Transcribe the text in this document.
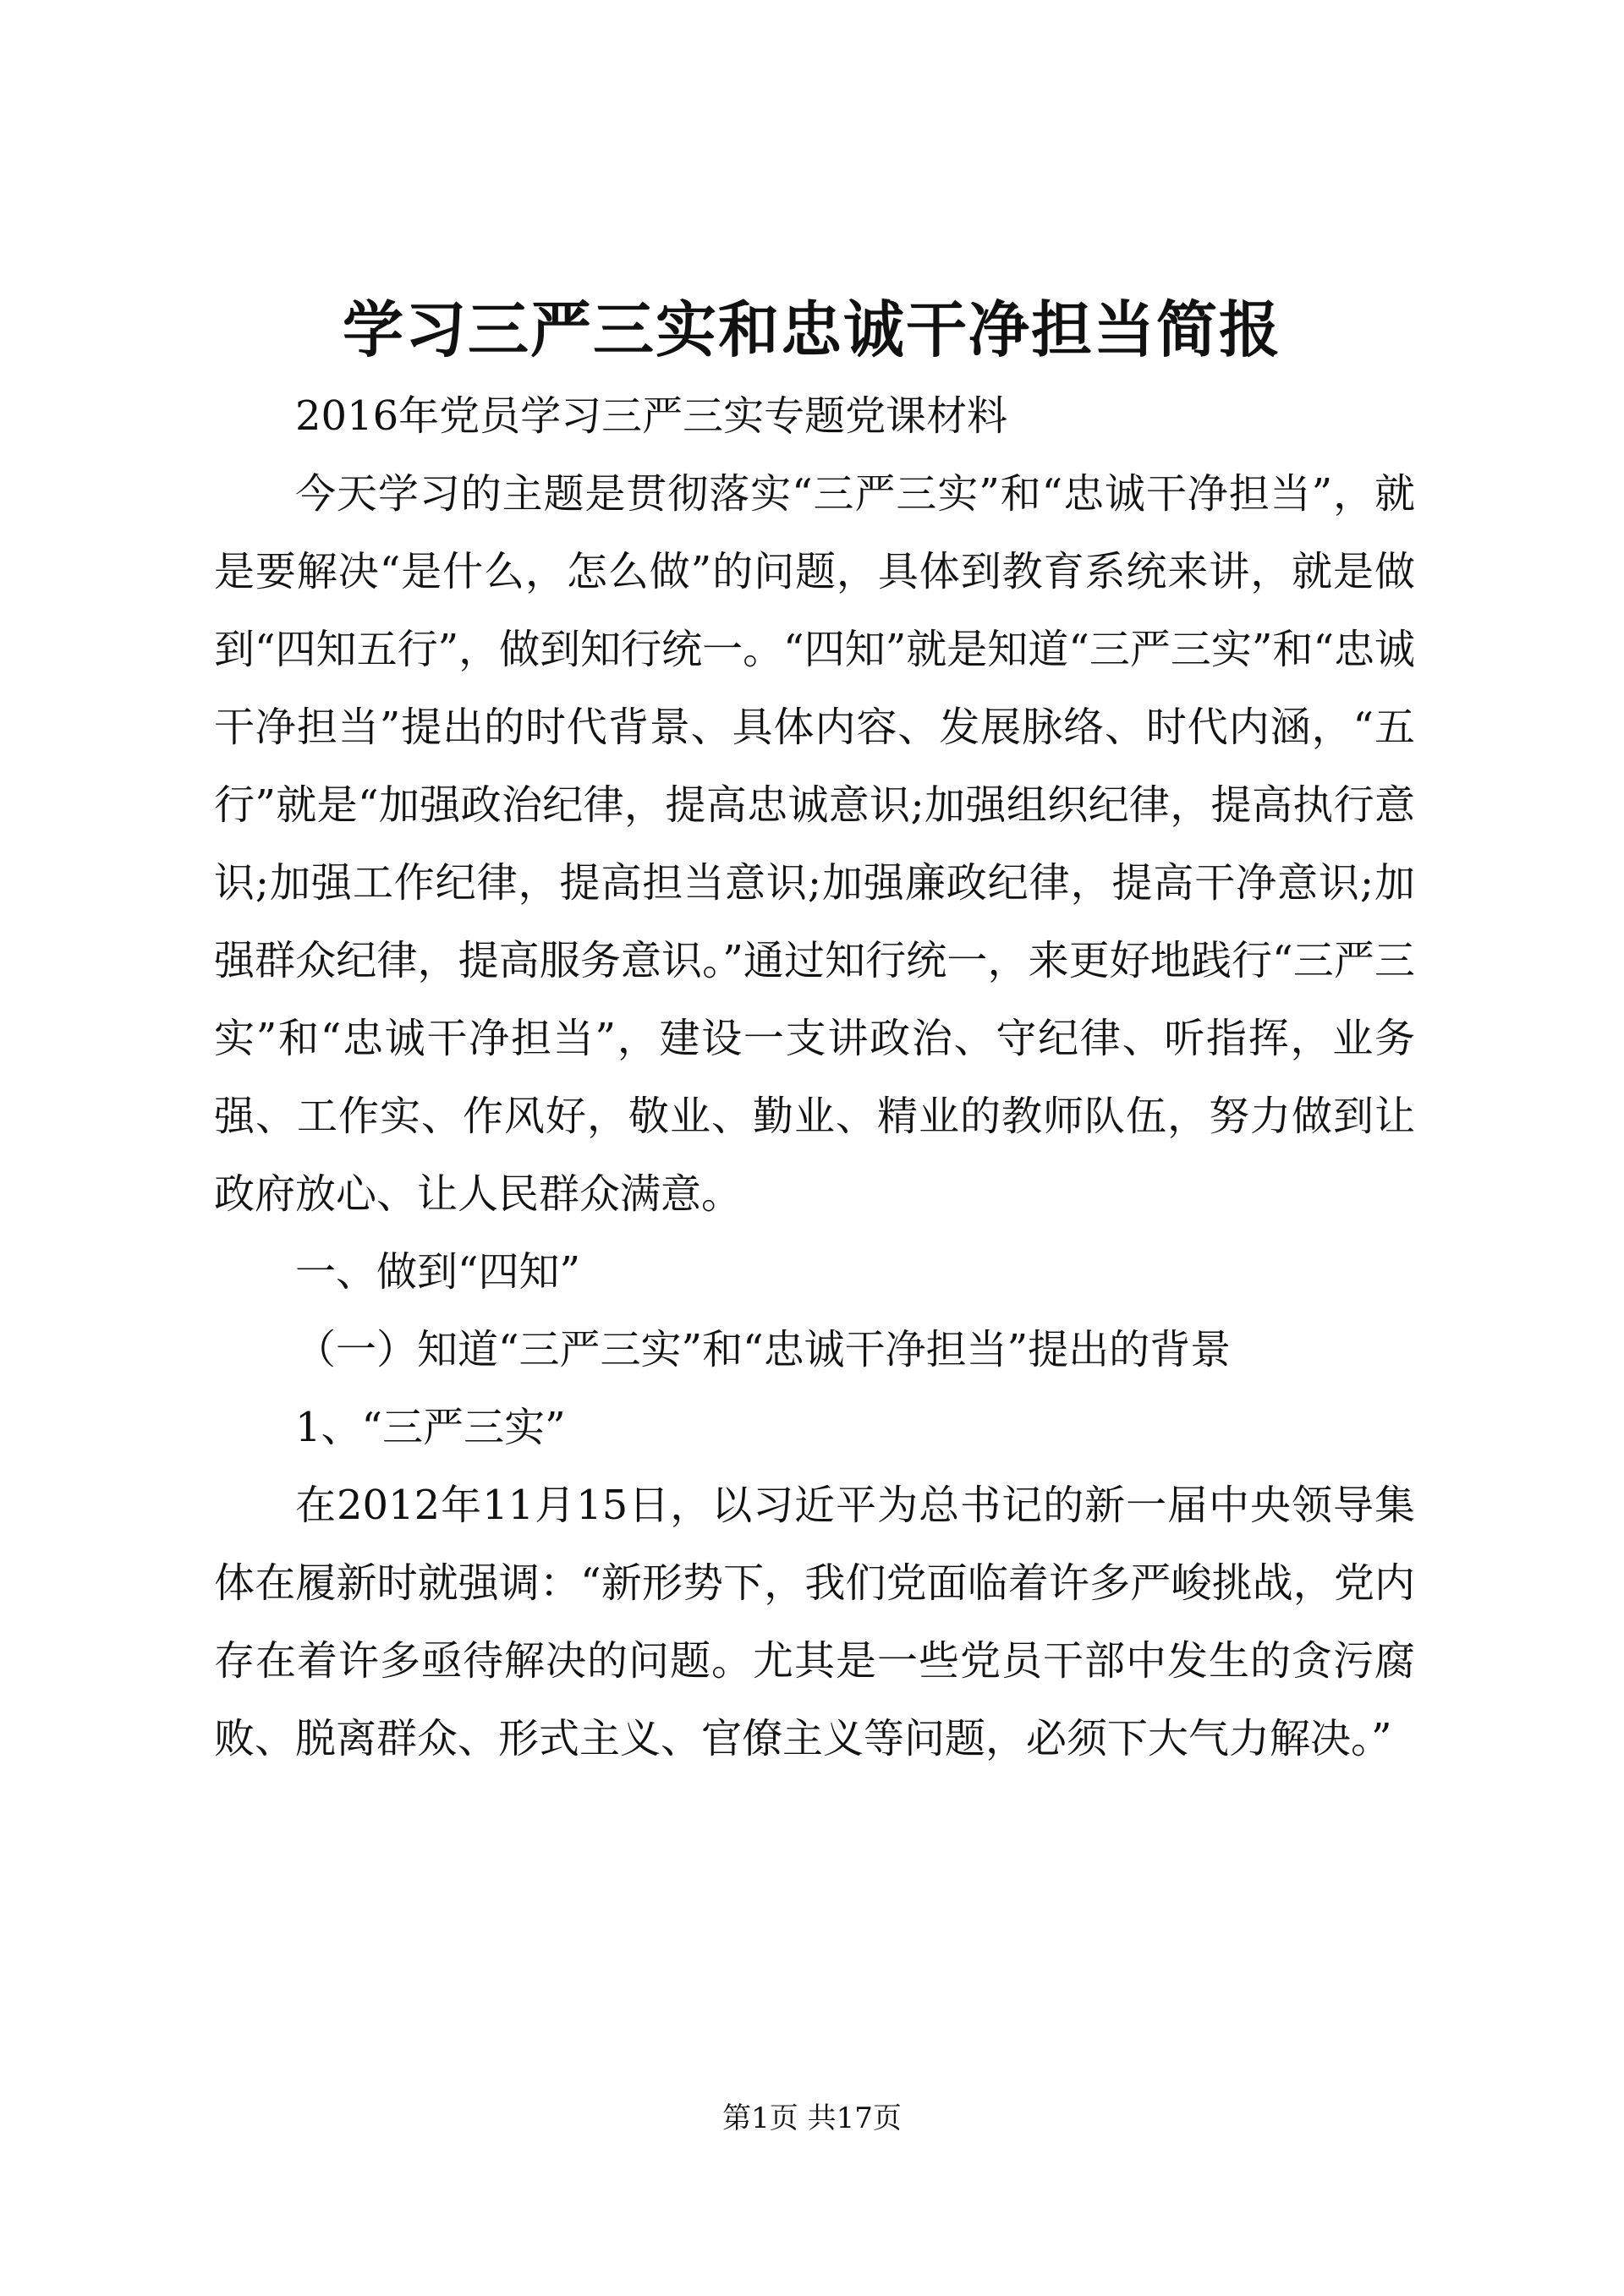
学习三严三实和忠诚干净担当简报

2016年党员学习三严三实专题党课材料

今天学习的主题是贯彻落实“三严三实”和“忠诚干净担当”，就是要解决“是什么，怎么做”的问题，具体到教育系统来讲，就是做到“四知五行”，做到知行统一。“四知”就是知道“三严三实”和“忠诚干净担当”提出的时代背景、具体内容、发展脉络、时代内涵，“五行”就是“加强政治纪律，提高忠诚意识;加强组织纪律，提高执行意识;加强工作纪律，提高担当意识;加强廉政纪律，提高干净意识;加强群众纪律，提高服务意识。”通过知行统一，来更好地践行“三严三实”和“忠诚干净担当”，建设一支讲政治、守纪律、听指挥，业务强、工作实、作风好，敬业、勤业、精业的教师队伍，努力做到让政府放心、让人民群众满意。

一、做到“四知”

（一）知道“三严三实”和“忠诚干净担当”提出的背景

1、“三严三实”

在2012年11月15日，以习近平为总书记的新一届中央领导集体在履新时就强调：“新形势下，我们党面临着许多严峻挑战，党内存在着许多亟待解决的问题。尤其是一些党员干部中发生的贪污腐败、脱离群众、形式主义、官僚主义等问题，必须下大气力解决。”

第1页 共17页
